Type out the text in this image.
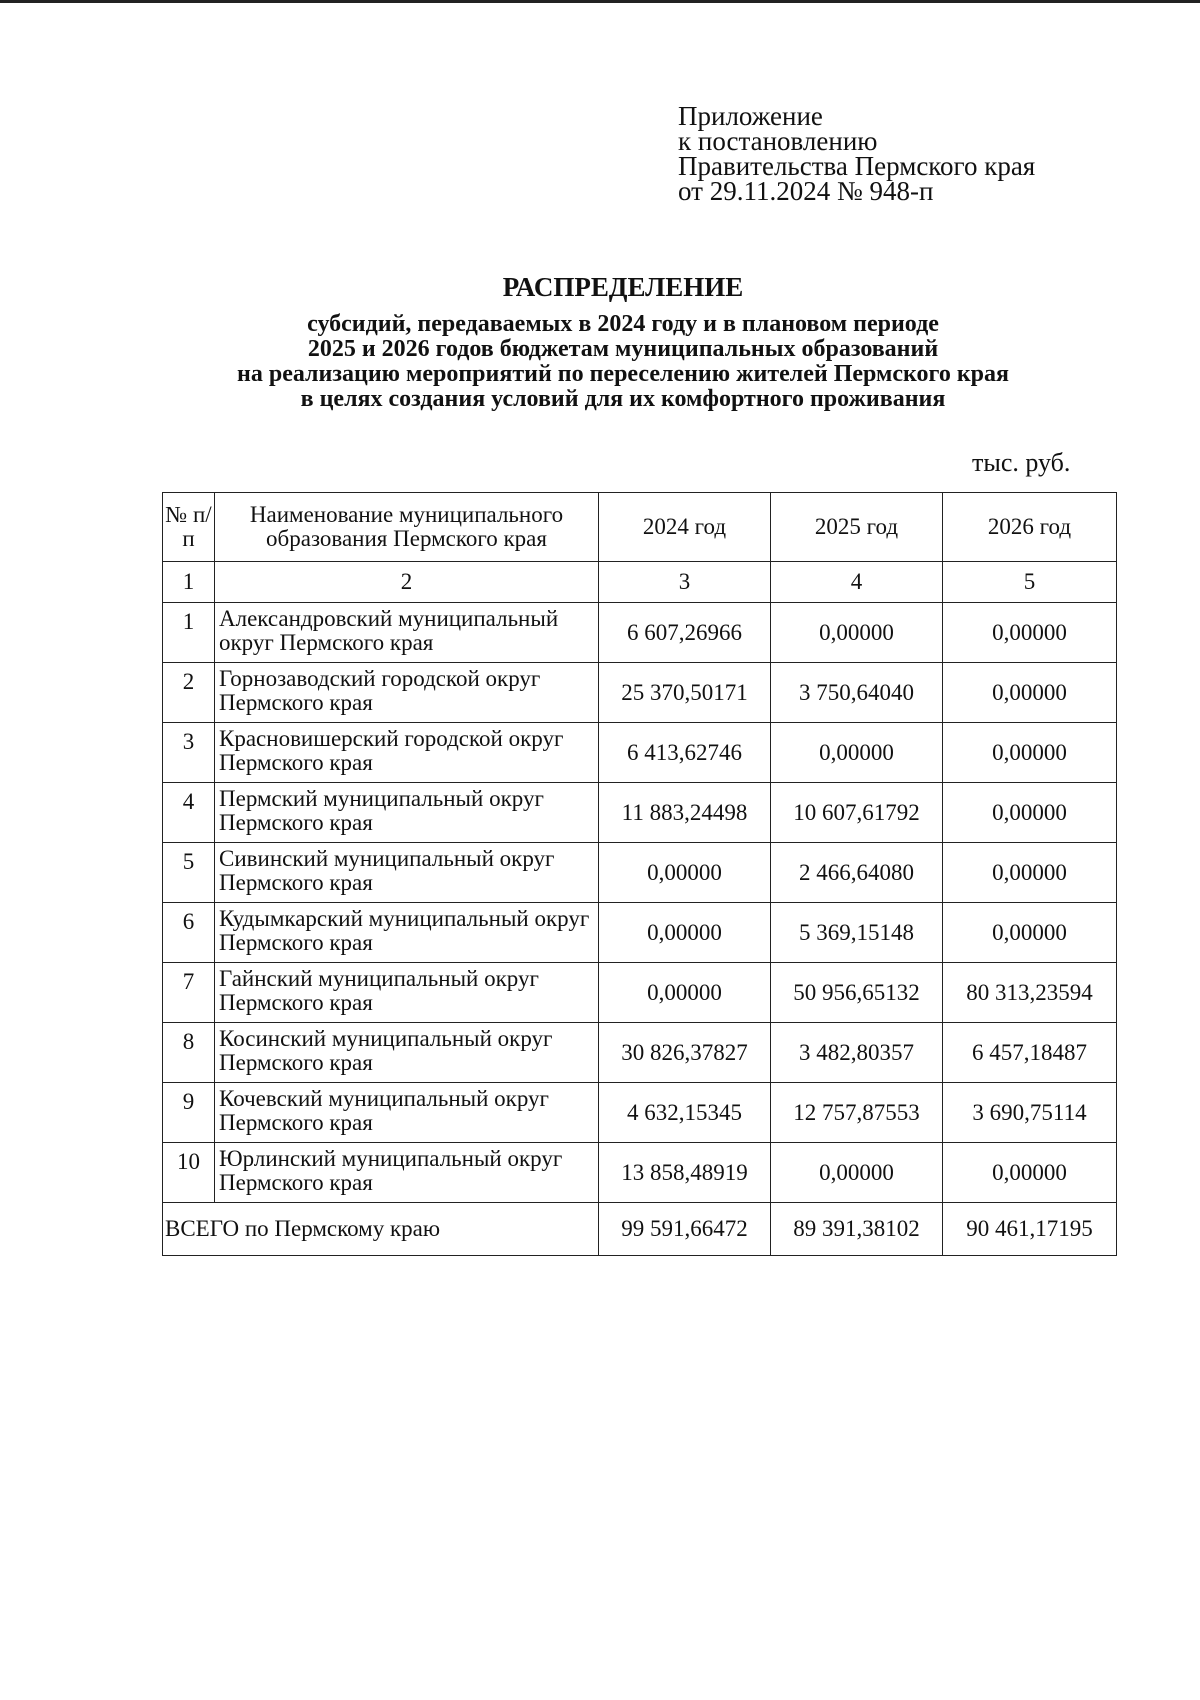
Приложение
к постановлению
Правительства Пермского края
от 29.11.2024 № 948-п
РАСПРЕДЕЛЕНИЕ
субсидий, передаваемых в 2024 году и в плановом периоде
2025 и 2026 годов бюджетам муниципальных образований
на реализацию мероприятий по переселению жителей Пермского края
в целях создания условий для их комфортного проживания
тыс. руб.
№ п/п	Наименование муниципального образования Пермского края	2024 год	2025 год	2026 год
1	2	3	4	5
1	Александровский муниципальный округ Пермского края	6 607,26966	0,00000	0,00000
2	Горнозаводский городской округ Пермского края	25 370,50171	3 750,64040	0,00000
3	Красновишерский городской округ Пермского края	6 413,62746	0,00000	0,00000
4	Пермский муниципальный округ Пермского края	11 883,24498	10 607,61792	0,00000
5	Сивинский муниципальный округ Пермского края	0,00000	2 466,64080	0,00000
6	Кудымкарский муниципальный округ Пермского края	0,00000	5 369,15148	0,00000
7	Гайнский муниципальный округ Пермского края	0,00000	50 956,65132	80 313,23594
8	Косинский муниципальный округ Пермского края	30 826,37827	3 482,80357	6 457,18487
9	Кочевский муниципальный округ Пермского края	4 632,15345	12 757,87553	3 690,75114
10	Юрлинский муниципальный округ Пермского края	13 858,48919	0,00000	0,00000
ВСЕГО по Пермскому краю		99 591,66472	89 391,38102	90 461,17195
